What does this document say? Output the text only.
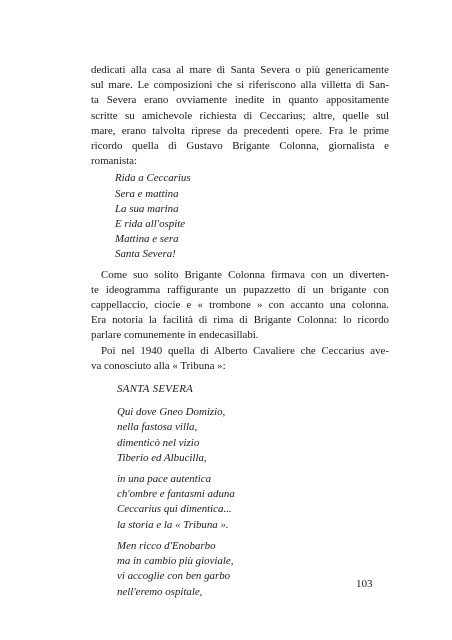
dedicati alla casa al mare di Santa Severa o più genericamente
sul mare. Le composizioni che si riferiscono alla villetta di San-
ta Severa erano ovviamente inedite in quanto appositamente
scritte su amichevole richiesta di Ceccarius; altre, quelle sul
mare, erano talvolta riprese da precedenti opere. Fra le prime
ricordo quella di Gustavo Brigante Colonna, giornalista e
romanista:
Rida a Ceccarius
Sera e mattina
La sua marina
E rida all'ospite
Mattina e sera
Santa Severa!
Come suo solito Brigante Colonna firmava con un diverten-
te ideogramma raffigurante un pupazzetto di un brigante con
cappellaccio, ciocie e « trombone » con accanto una colonna.
Era notoria la facilità di rima di Brigante Colonna: lo ricordo
parlare comunemente in endecasillabi.
Poi nel 1940 quella di Alberto Cavaliere che Ceccarius ave-
va conosciuto alla « Tribuna »:
SANTA SEVERA
Qui dove Gneo Domizio,
nella fastosa villa,
dimenticò nel vizio
Tiberio ed Albucilla,
in una pace autentica
ch'ombre e fantasmi aduna
Ceccarius qui dimentica...
la storia e la « Tribuna ».
Men ricco d'Enobarbo
ma in cambio più gioviale,
vi accoglie con ben garbo
nell'eremo ospitale,
103
